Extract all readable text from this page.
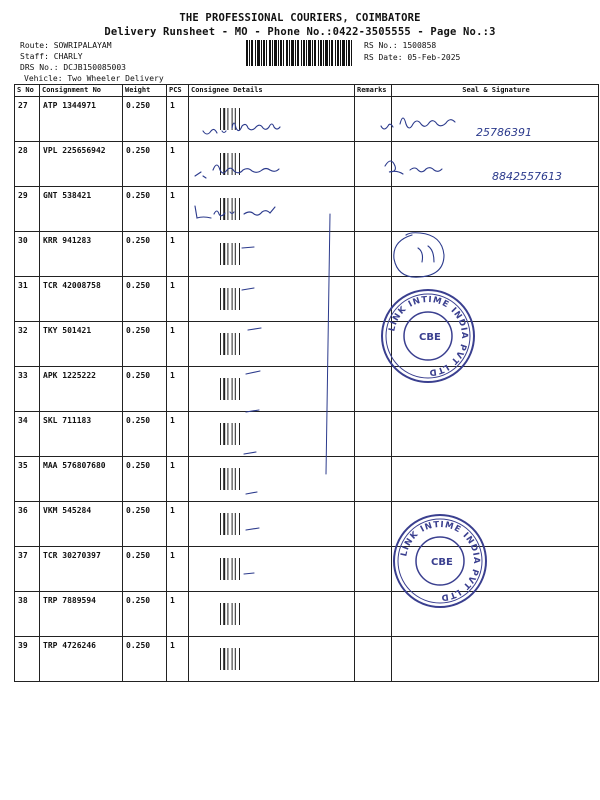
THE PROFESSIONAL COURIERS, COIMBATORE
Delivery Runsheet - MO - Phone No.:0422-3505555 - Page No.:3
Route: SOWRIPALAYAM
Staff: CHARLY
DRS No.: DCJB150085003
Vehicle: Two Wheeler Delivery
RS No.: 1500858
RS Date: 05-Feb-2025
S No	Consignment No	Weight	PCS	Consignee Details	Remarks	Seal & Signature
27	ATP 1344971	0.250	1	

28	VPL 225656942	0.250	1	

29	GNT 538421	0.250	1	

30	KRR 941283	0.250	1	

31	TCR 42008758	0.250	1	

32	TKY 501421	0.250	1	

33	APK 1225222	0.250	1	

34	SKL 711183	0.250	1	

35	MAA 576807680	0.250	1	

36	VKM 545284	0.250	1	

37	TCR 30270397	0.250	1	

38	TRP 7889594	0.250	1	

39	TRP 4726246	0.250	1	

25786391
8842557613
LINK INTIME INDIA PVT LTD
CBE
LINK INTIME INDIA PVT LTD
CBE
